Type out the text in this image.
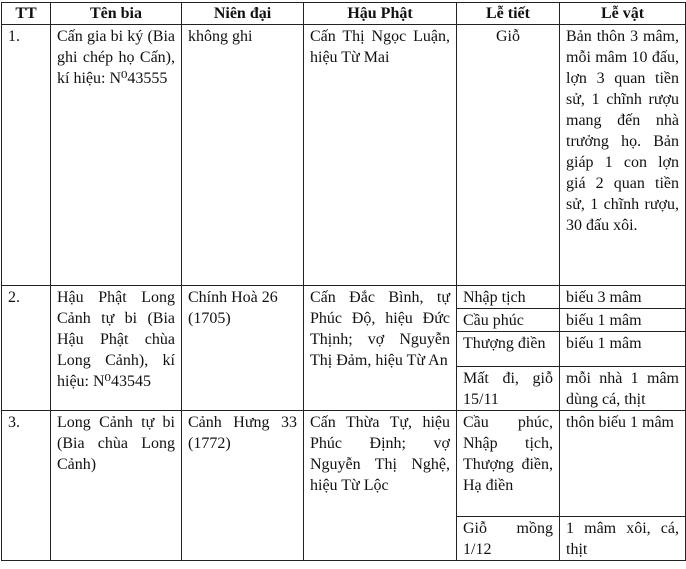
TT	Tên bia	Niên đại	Hậu Phật	Lễ tiết	Lễ vật
1.	Cấn gia bi ký (Bia ghi chép họ Cấn), kí hiệu: N⁰43555	không ghi	Cấn Thị Ngọc Luận, hiệu Từ Mai	Giỗ	Bản thôn 3 mâm, mỗi mâm 10 đấu, lợn 3 quan tiền sử, 1 chĩnh rượu mang đến nhà trưởng họ. Bản giáp 1 con lợn giá 2 quan tiền sử, 1 chĩnh rượu, 30 đấu xôi.
2.	Hậu Phật Long Cảnh tự bi (Bia Hậu Phật chùa Long Cảnh), kí hiệu: N⁰43545	Chính Hoà 26 (1705)	Cấn Đắc Bình, tự Phúc Độ, hiệu Đức Thịnh; vợ Nguyễn Thị Đảm, hiệu Từ An	Nhập tịch	biếu 3 mâm
				Cầu phúc	biếu 1 mâm
				Thượng điền	biếu 1 mâm
				Mất đi, giỗ 15/11	mỗi nhà 1 mâm dùng cá, thịt
3.	Long Cảnh tự bi (Bia chùa Long Cảnh)	Cảnh Hưng 33 (1772)	Cấn Thừa Tự, hiệu Phúc Định; vợ Nguyễn Thị Nghệ, hiệu Từ Lộc	Cầu phúc, Nhập tịch, Thượng điền, Hạ điền	thôn biếu 1 mâm
				Giỗ mồng 1/12	1 mâm xôi, cá, thịt
